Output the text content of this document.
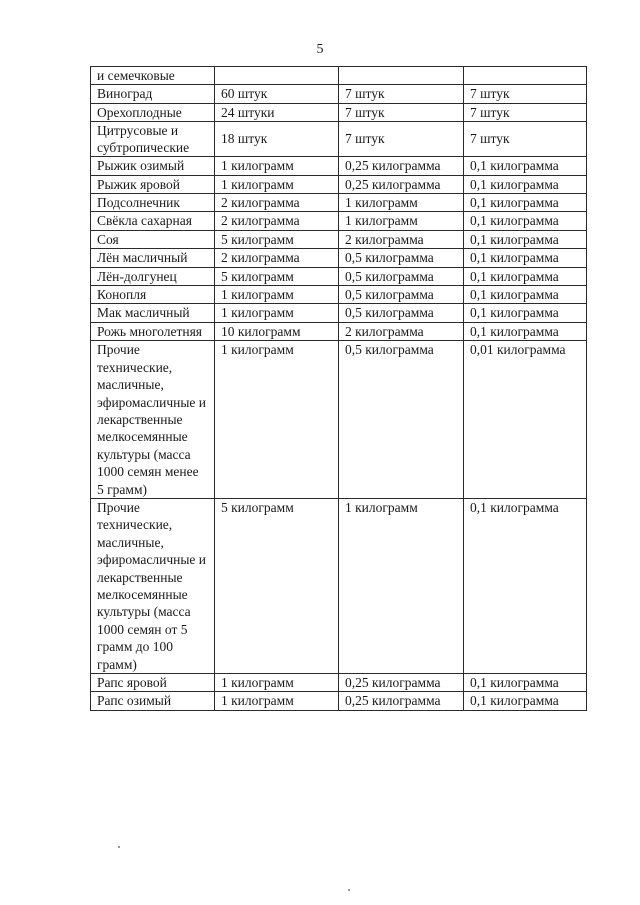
5
и семечковые			
Виноград	60 штук	7 штук	7 штук
Орехоплодные	24 штуки	7 штук	7 штук
Цитрусовые и субтропические	18 штук	7 штук	7 штук
Рыжик озимый	1 килограмм	0,25 килограмма	0,1 килограмма
Рыжик яровой	1 килограмм	0,25 килограмма	0,1 килограмма
Подсолнечник	2 килограмма	1 килограмм	0,1 килограмма
Свёкла сахарная	2 килограмма	1 килограмм	0,1 килограмма
Соя	5 килограмм	2 килограмма	0,1 килограмма
Лён масличный	2 килограмма	0,5 килограмма	0,1 килограмма
Лён-долгунец	5 килограмм	0,5 килограмма	0,1 килограмма
Конопля	1 килограмм	0,5 килограмма	0,1 килограмма
Мак масличный	1 килограмм	0,5 килограмма	0,1 килограмма
Рожь многолетняя	10 килограмм	2 килограмма	0,1 килограмма
Прочие технические, масличные, эфиромасличные и лекарственные мелкосемянные культуры (масса 1000 семян менее 5 грамм)	1 килограмм	0,5 килограмма	0,01 килограмма
Прочие технические, масличные, эфиромасличные и лекарственные мелкосемянные культуры (масса 1000 семян от 5 грамм до 100 грамм)	5 килограмм	1 килограмм	0,1 килограмма
Рапс яровой	1 килограмм	0,25 килограмма	0,1 килограмма
Рапс озимый	1 килограмм	0,25 килограмма	0,1 килограмма
